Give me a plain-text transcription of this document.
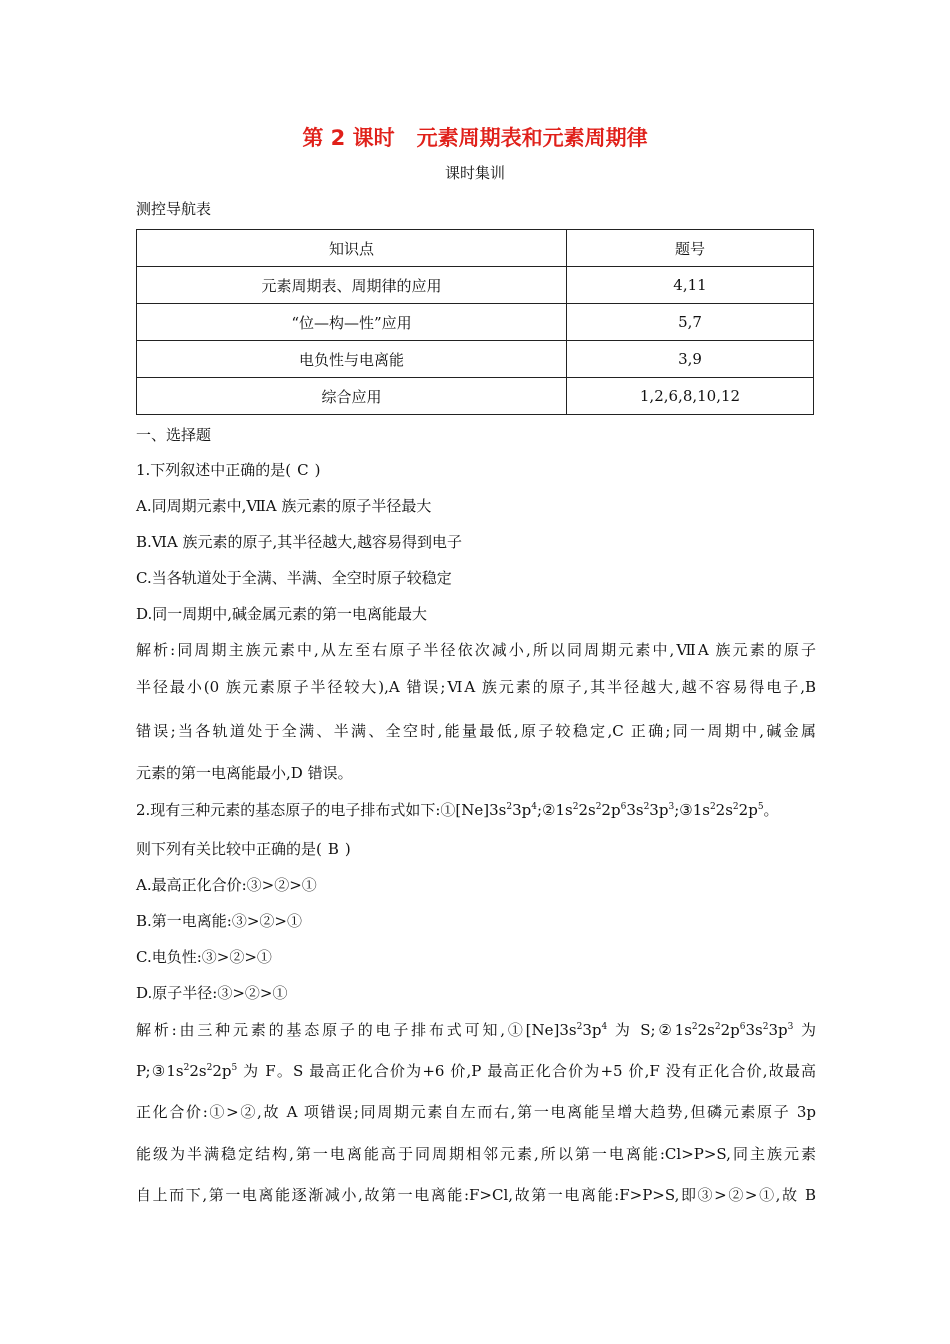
第 2 课时 元素周期表和元素周期律
课时集训
测控导航表
知识点	题号
元素周期表、周期律的应用	4,11
“位—构—性”应用	5,7
电负性与电离能	3,9
综合应用	1,2,6,8,10,12
一、选择题
1.下列叙述中正确的是( C )
A.同周期元素中,ⅦA 族元素的原子半径最大
B.ⅥA 族元素的原子,其半径越大,越容易得到电子
C.当各轨道处于全满、半满、全空时原子较稳定
D.同一周期中,碱金属元素的第一电离能最大
解析:同周期主族元素中,从左至右原子半径依次减小,所以同周期元素中,ⅦA 族元素的原子
半径最小(0 族元素原子半径较大),A 错误;ⅥA 族元素的原子,其半径越大,越不容易得电子,B
错误;当各轨道处于全满、半满、全空时,能量最低,原子较稳定,C 正确;同一周期中,碱金属
元素的第一电离能最小,D 错误。
2.现有三种元素的基态原子的电子排布式如下$:①[Ne]3s^23p^4;②1s^22s^22p^63s^23p^3;③1s^22s^22p^5$。
则下列有关比较中正确的是( B )
A.最高正化合价:③>②>①
B.第一电离能:③>②>①
C.电负性:③>②>①
D.原子半径:③>②>①
解析:由三种元素的基态原子的电子排布式可知$,①[Ne]3s^23p^4$ 为 $S;②1s^22s^22p^63s^23p^3$ 为
$P;③1s^22s^22p^5$ 为 F。S 最高正化合价为+6 价,P 最高正化合价为+5 价,F 没有正化合价,故最高
正化合价:①>②,故 A 项错误;同周期元素自左而右,第一电离能呈增大趋势,但磷元素原子 3p
能级为半满稳定结构,第一电离能高于同周期相邻元素,所以第一电离能:Cl>P>S,同主族元素
自上而下,第一电离能逐渐减小,故第一电离能:F>Cl,故第一电离能:F>P>S,即③>②>①,故 B
